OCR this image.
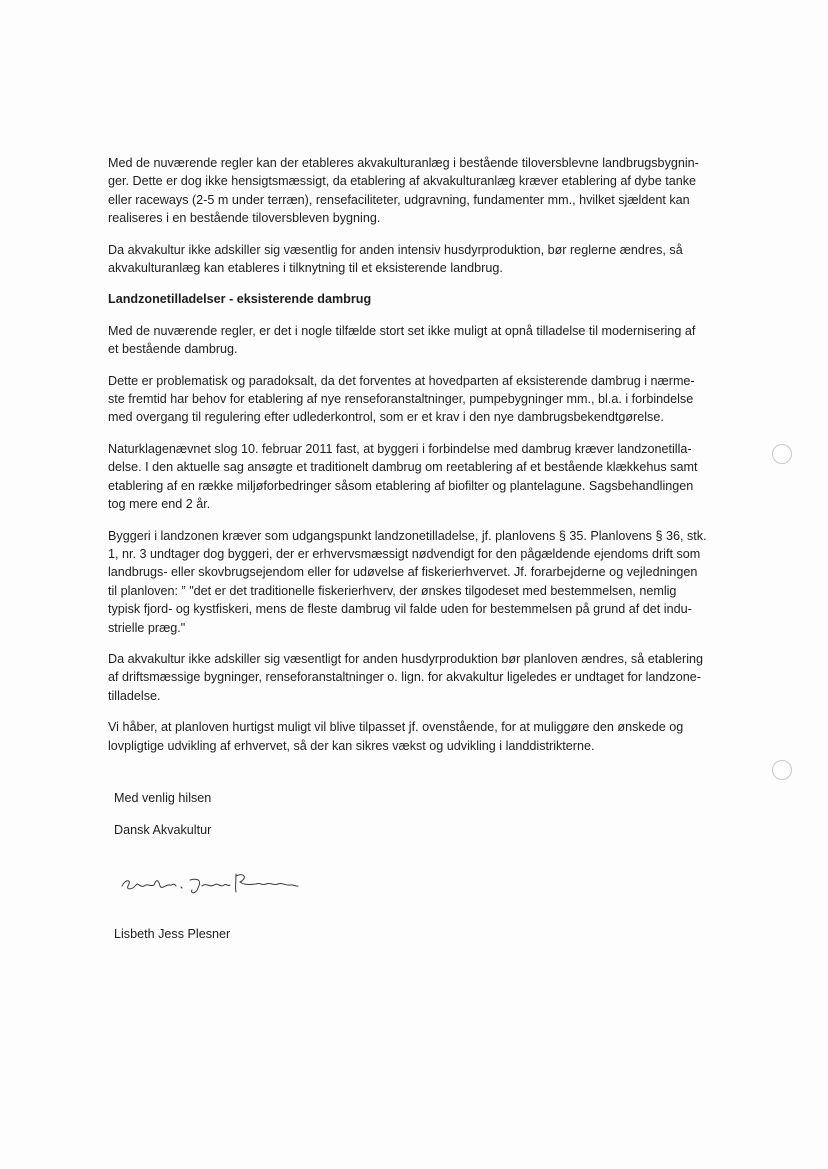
Med de nuværende regler kan der etableres akvakulturanlæg i bestående tiloversblevne landbrugsbygnin-
ger. Dette er dog ikke hensigtsmæssigt, da etablering af akvakulturanlæg kræver etablering af dybe tanke
eller raceways (2-5 m under terræn), rensefaciliteter, udgravning, fundamenter mm., hvilket sjældent kan
realiseres i en bestående tiloversbleven bygning.

Da akvakultur ikke adskiller sig væsentlig for anden intensiv husdyrproduktion, bør reglerne ændres, så
akvakulturanlæg kan etableres i tilknytning til et eksisterende landbrug.

Landzonetilladelser - eksisterende dambrug

Med de nuværende regler, er det i nogle tilfælde stort set ikke muligt at opnå tilladelse til modernisering af
et bestående dambrug.

Dette er problematisk og paradoksalt, da det forventes at hovedparten af eksisterende dambrug i nærme-
ste fremtid har behov for etablering af nye renseforanstaltninger, pumpebygninger mm., bl.a. i forbindelse
med overgang til regulering efter udlederkontrol, som er et krav i den nye dambrugsbekendtgørelse.

Naturklagenævnet slog 10. februar 2011 fast, at byggeri i forbindelse med dambrug kræver landzonetilla-
delse. I den aktuelle sag ansøgte et traditionelt dambrug om reetablering af et bestående klækkehus samt
etablering af en række miljøforbedringer såsom etablering af biofilter og plantelagune. Sagsbehandlingen
tog mere end 2 år.

Byggeri i landzonen kræver som udgangspunkt landzonetilladelse, jf. planlovens § 35. Planlovens § 36, stk.
1, nr. 3 undtager dog byggeri, der er erhvervsmæssigt nødvendigt for den pågældende ejendoms drift som
landbrugs- eller skovbrugsejendom eller for udøvelse af fiskerierhvervet. Jf. forarbejderne og vejledningen
til planloven: ” "det er det traditionelle fiskerierhverv, der ønskes tilgodeset med bestemmelsen, nemlig
typisk fjord- og kystfiskeri, mens de fleste dambrug vil falde uden for bestemmelsen på grund af det indu-
strielle præg."

Da akvakultur ikke adskiller sig væsentligt for anden husdyrproduktion bør planloven ændres, så etablering
af driftsmæssige bygninger, renseforanstaltninger o. lign. for akvakultur ligeledes er undtaget for landzone-
tilladelse.

Vi håber, at planloven hurtigst muligt vil blive tilpasset jf. ovenstående, for at muliggøre den ønskede og
lovpligtige udvikling af erhvervet, så der kan sikres vækst og udvikling i landdistrikterne.

Med venlig hilsen
Dansk Akvakultur
Lisbeth Jess Plesner
